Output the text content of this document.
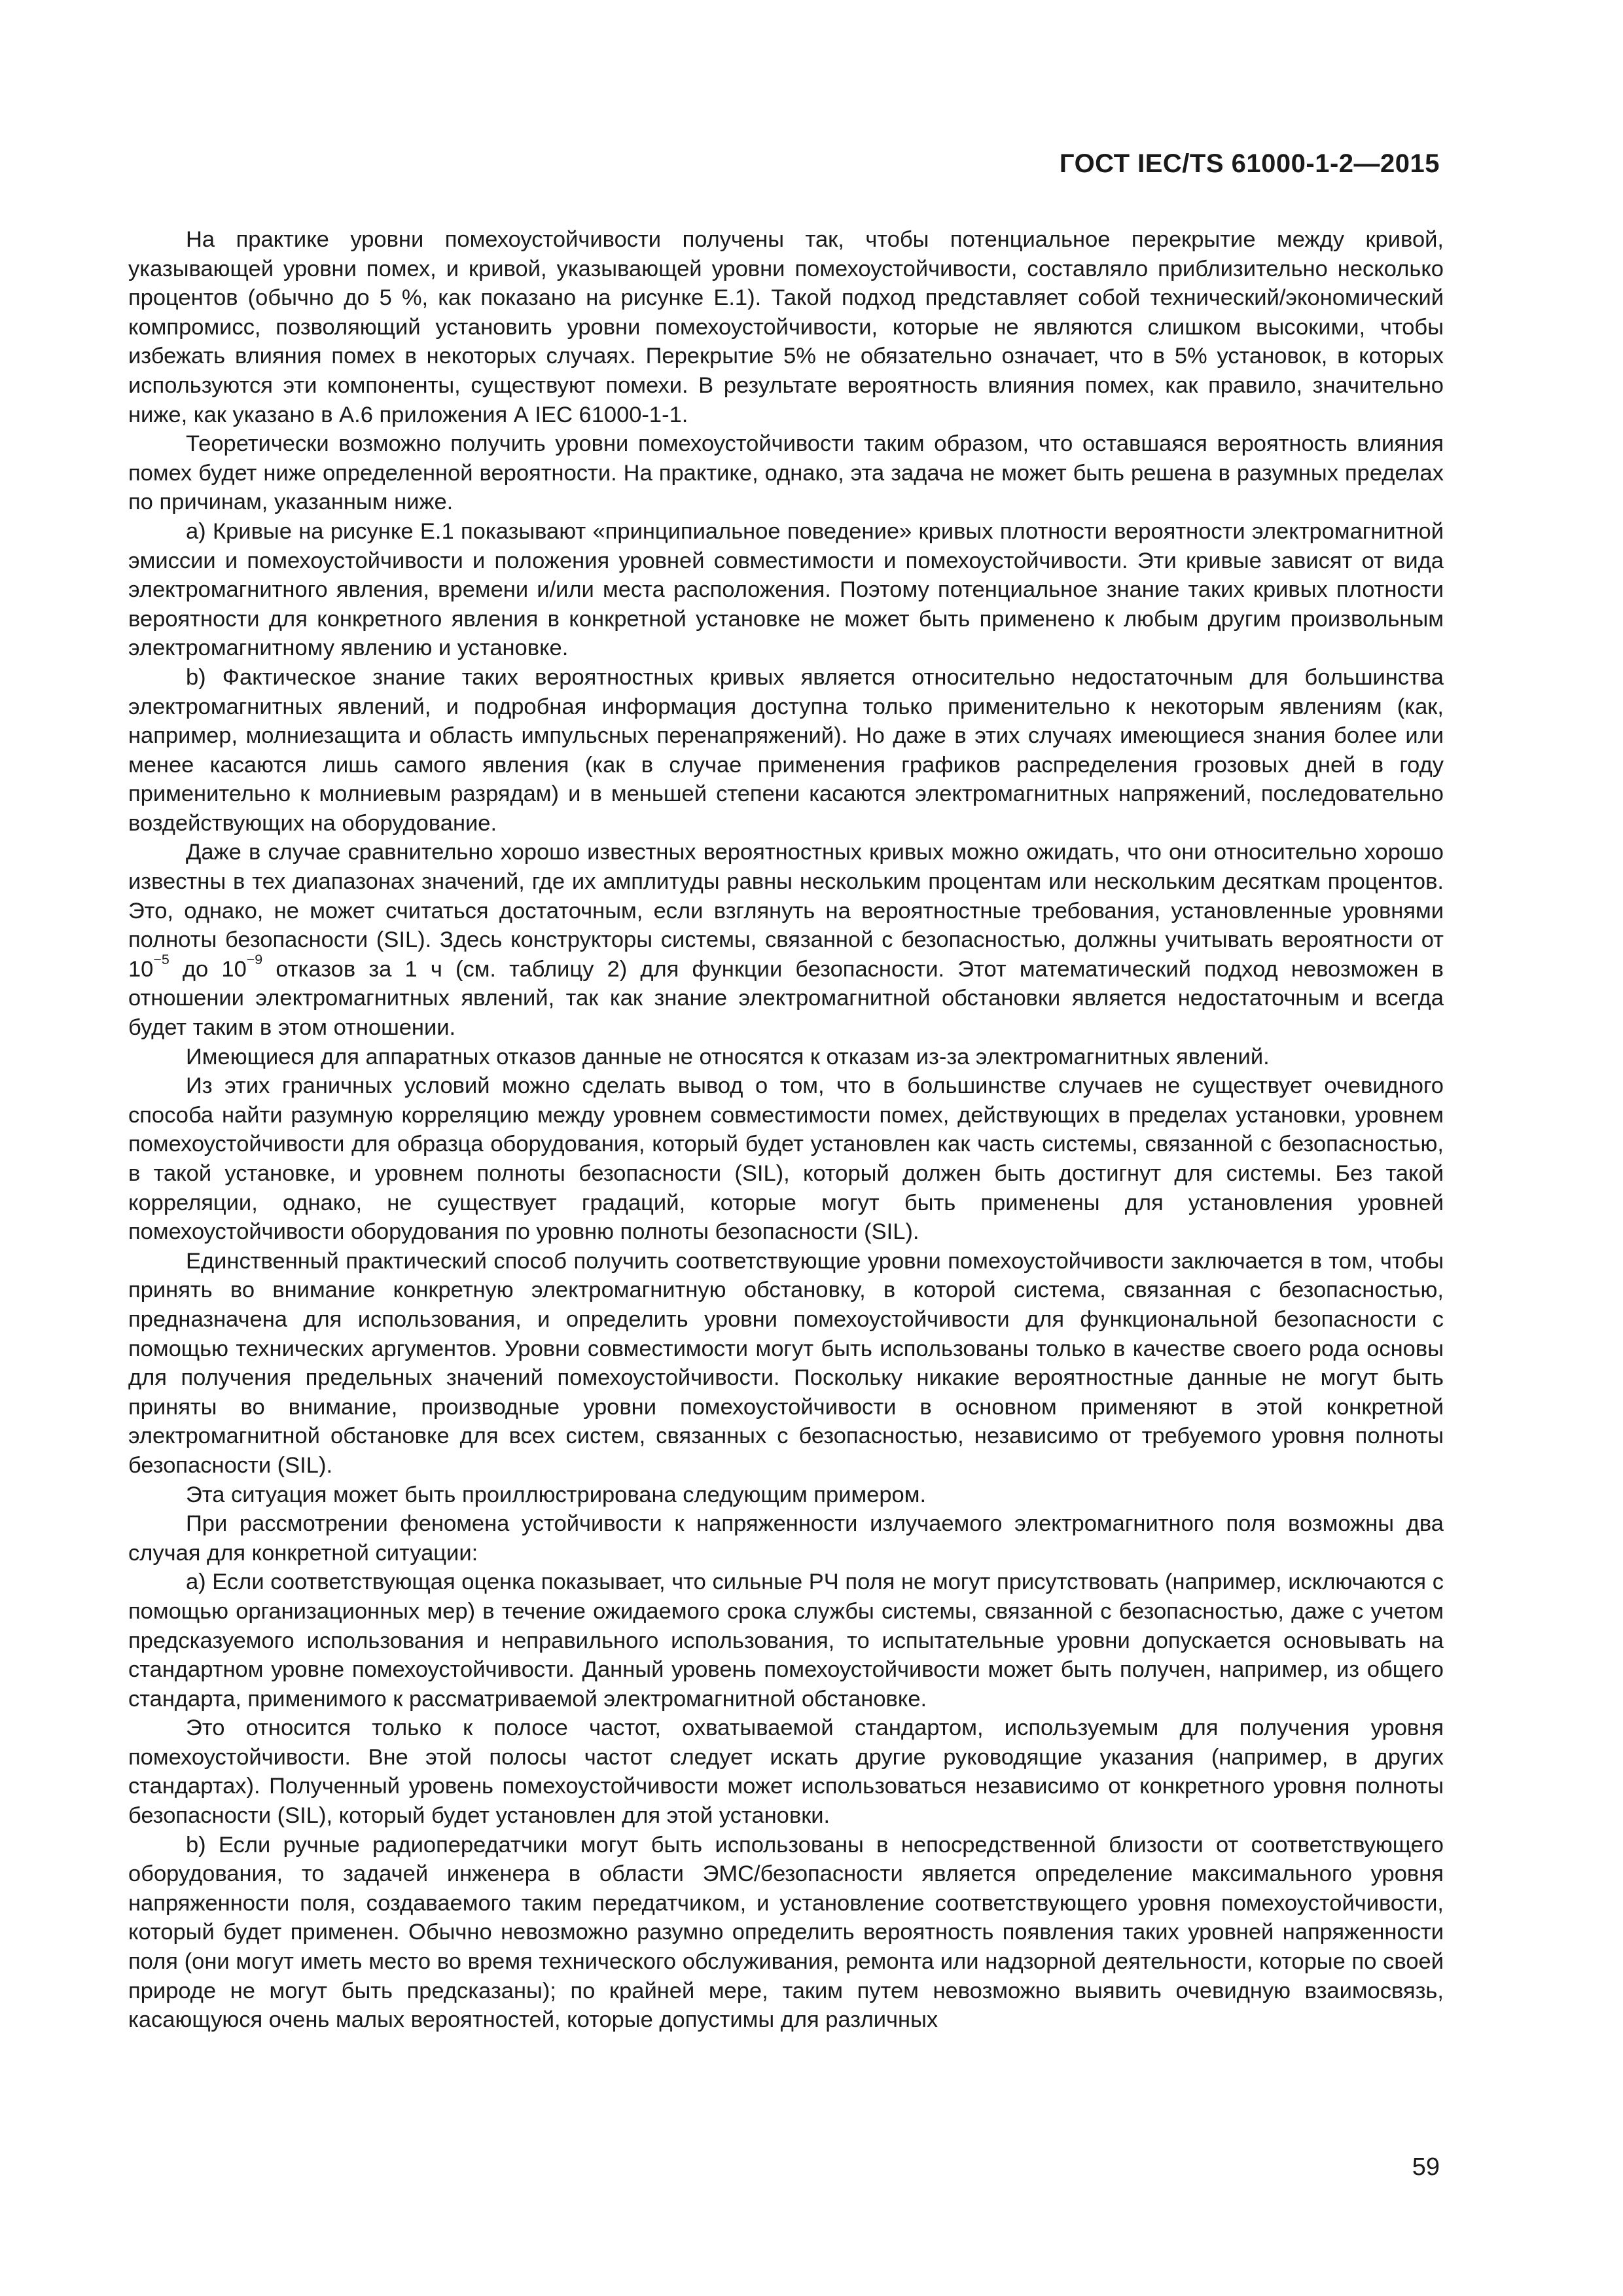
ГОСТ IEC/TS 61000-1-2—2015

На практике уровни помехоустойчивости получены так, чтобы потенциальное перекрытие между кривой, указывающей уровни помех, и кривой, указывающей уровни помехоустойчивости, составляло приблизительно несколько процентов (обычно до 5 %, как показано на рисунке Е.1). Такой подход представляет собой технический/экономический компромисс, позволяющий установить уровни помехоустойчивости, которые не являются слишком высокими, чтобы избежать влияния помех в некоторых случаях. Перекрытие 5% не обязательно означает, что в 5% установок, в которых используются эти компоненты, существуют помехи. В результате вероятность влияния помех, как правило, значительно ниже, как указано в А.6 приложения А IEC 61000-1-1.

Теоретически возможно получить уровни помехоустойчивости таким образом, что оставшаяся вероятность влияния помех будет ниже определенной вероятности. На практике, однако, эта задача не может быть решена в разумных пределах по причинам, указанным ниже.

a) Кривые на рисунке Е.1 показывают «принципиальное поведение» кривых плотности вероятности электромагнитной эмиссии и помехоустойчивости и положения уровней совместимости и помехоустойчивости. Эти кривые зависят от вида электромагнитного явления, времени и/или места расположения. Поэтому потенциальное знание таких кривых плотности вероятности для конкретного явления в конкретной установке не может быть применено к любым другим произвольным электромагнитному явлению и установке.

b) Фактическое знание таких вероятностных кривых является относительно недостаточным для большинства электромагнитных явлений, и подробная информация доступна только применительно к некоторым явлениям (как, например, молниезащита и область импульсных перенапряжений). Но даже в этих случаях имеющиеся знания более или менее касаются лишь самого явления (как в случае применения графиков распределения грозовых дней в году применительно к молниевым разрядам) и в меньшей степени касаются электромагнитных напряжений, последовательно воздействующих на оборудование.

Даже в случае сравнительно хорошо известных вероятностных кривых можно ожидать, что они относительно хорошо известны в тех диапазонах значений, где их амплитуды равны нескольким процентам или нескольким десяткам процентов. Это, однако, не может считаться достаточным, если взглянуть на вероятностные требования, установленные уровнями полноты безопасности (SIL). Здесь конструкторы системы, связанной с безопасностью, должны учитывать вероятности от $10^{-5}$ до $10^{-9}$ отказов за 1 ч (см. таблицу 2) для функции безопасности. Этот математический подход невозможен в отношении электромагнитных явлений, так как знание электромагнитной обстановки является недостаточным и всегда будет таким в этом отношении.

Имеющиеся для аппаратных отказов данные не относятся к отказам из-за электромагнитных явлений.

Из этих граничных условий можно сделать вывод о том, что в большинстве случаев не существует очевидного способа найти разумную корреляцию между уровнем совместимости помех, действующих в пределах установки, уровнем помехоустойчивости для образца оборудования, который будет установлен как часть системы, связанной с безопасностью, в такой установке, и уровнем полноты безопасности (SIL), который должен быть достигнут для системы. Без такой корреляции, однако, не существует градаций, которые могут быть применены для установления уровней помехоустойчивости оборудования по уровню полноты безопасности (SIL).

Единственный практический способ получить соответствующие уровни помехоустойчивости заключается в том, чтобы принять во внимание конкретную электромагнитную обстановку, в которой система, связанная с безопасностью, предназначена для использования, и определить уровни помехоустойчивости для функциональной безопасности с помощью технических аргументов. Уровни совместимости могут быть использованы только в качестве своего рода основы для получения предельных значений помехоустойчивости. Поскольку никакие вероятностные данные не могут быть приняты во внимание, производные уровни помехоустойчивости в основном применяют в этой конкретной электромагнитной обстановке для всех систем, связанных с безопасностью, независимо от требуемого уровня полноты безопасности (SIL).

Эта ситуация может быть проиллюстрирована следующим примером.

При рассмотрении феномена устойчивости к напряженности излучаемого электромагнитного поля возможны два случая для конкретной ситуации:

a) Если соответствующая оценка показывает, что сильные РЧ поля не могут присутствовать (например, исключаются с помощью организационных мер) в течение ожидаемого срока службы системы, связанной с безопасностью, даже с учетом предсказуемого использования и неправильного использования, то испытательные уровни допускается основывать на стандартном уровне помехоустойчивости. Данный уровень помехоустойчивости может быть получен, например, из общего стандарта, применимого к рассматриваемой электромагнитной обстановке.

Это относится только к полосе частот, охватываемой стандартом, используемым для получения уровня помехоустойчивости. Вне этой полосы частот следует искать другие руководящие указания (например, в других стандартах). Полученный уровень помехоустойчивости может использоваться независимо от конкретного уровня полноты безопасности (SIL), который будет установлен для этой установки.

b) Если ручные радиопередатчики могут быть использованы в непосредственной близости от соответствующего оборудования, то задачей инженера в области ЭМС/безопасности является определение максимального уровня напряженности поля, создаваемого таким передатчиком, и установление соответствующего уровня помехоустойчивости, который будет применен. Обычно невозможно разумно определить вероятность появления таких уровней напряженности поля (они могут иметь место во время технического обслуживания, ремонта или надзорной деятельности, которые по своей природе не могут быть предсказаны); по крайней мере, таким путем невозможно выявить очевидную взаимосвязь, касающуюся очень малых вероятностей, которые допустимы для различных

59
